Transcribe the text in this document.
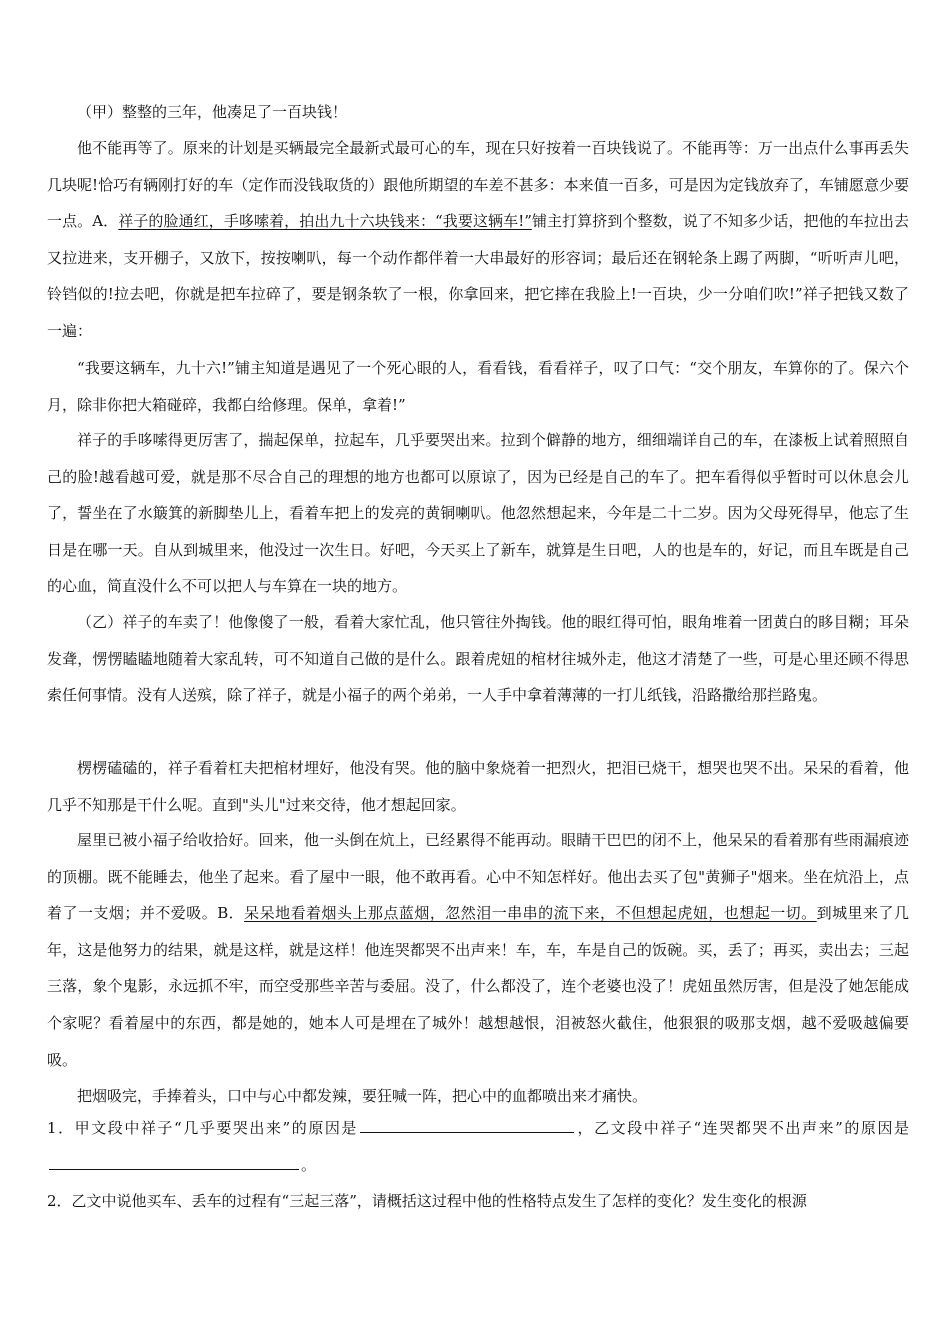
（甲）整整的三年，他凑足了一百块钱！

他不能再等了。原来的计划是买辆最完全最新式最可心的车，现在只好按着一百块钱说了。不能再等：万一出点什么事再丢失几块呢!恰巧有辆刚打好的车（定作而没钱取货的）跟他所期望的车差不甚多：本来值一百多，可是因为定钱放弃了，车铺愿意少要一点。A．祥子的脸通红，手哆嗦着，拍出九十六块钱来：“我要这辆车!”铺主打算挤到个整数，说了不知多少话，把他的车拉出去又拉进来，支开棚子，又放下，按按喇叭，每一个动作都伴着一大串最好的形容词；最后还在钢轮条上踢了两脚，“听听声儿吧，铃铛似的!拉去吧，你就是把车拉碎了，要是钢条软了一根，你拿回来，把它摔在我脸上!一百块，少一分咱们吹!”祥子把钱又数了一遍：

“我要这辆车，九十六!”铺主知道是遇见了一个死心眼的人，看看钱，看看祥子，叹了口气：“交个朋友，车算你的了。保六个月，除非你把大箱碰碎，我都白给修理。保单，拿着!”

祥子的手哆嗦得更厉害了，揣起保单，拉起车，几乎要哭出来。拉到个僻静的地方，细细端详自己的车，在漆板上试着照照自己的脸!越看越可爱，就是那不尽合自己的理想的地方也都可以原谅了，因为已经是自己的车了。把车看得似乎暂时可以休息会儿了，誓坐在了水簸箕的新脚垫儿上，看着车把上的发亮的黄铜喇叭。他忽然想起来，今年是二十二岁。因为父母死得早，他忘了生日是在哪一天。自从到城里来，他没过一次生日。好吧，今天买上了新车，就算是生日吧，人的也是车的，好记，而且车既是自己的心血，简直没什么不可以把人与车算在一块的地方。

（乙）祥子的车卖了！他像傻了一般，看着大家忙乱，他只管往外掏钱。他的眼红得可怕，眼角堆着一团黄白的眵目糊；耳朵发聋，愣愣瞌瞌地随着大家乱转，可不知道自己做的是什么。跟着虎妞的棺材往城外走，他这才清楚了一些，可是心里还顾不得思索任何事情。没有人送殡，除了祥子，就是小福子的两个弟弟，一人手中拿着薄薄的一打儿纸钱，沿路撒给那拦路鬼。

楞楞磕磕的，祥子看着杠夫把棺材埋好，他没有哭。他的脑中象烧着一把烈火，把泪已烧干，想哭也哭不出。呆呆的看着，他几乎不知那是干什么呢。直到"头儿"过来交待，他才想起回家。

屋里已被小福子给收拾好。回来，他一头倒在炕上，已经累得不能再动。眼睛干巴巴的闭不上，他呆呆的看着那有些雨漏痕迹的顶棚。既不能睡去，他坐了起来。看了屋中一眼，他不敢再看。心中不知怎样好。他出去买了包"黄狮子"烟来。坐在炕沿上，点着了一支烟；并不爱吸。B．呆呆地看着烟头上那点蓝烟，忽然泪一串串的流下来，不但想起虎妞，也想起一切。到城里来了几年，这是他努力的结果，就是这样，就是这样！他连哭都哭不出声来！车，车，车是自己的饭碗。买，丢了；再买，卖出去；三起三落，象个鬼影，永远抓不牢，而空受那些辛苦与委屈。没了，什么都没了，连个老婆也没了！虎妞虽然厉害，但是没了她怎能成个家呢？看着屋中的东西，都是她的，她本人可是埋在了城外！越想越恨，泪被怒火截住，他狠狠的吸那支烟，越不爱吸越偏要吸。

把烟吸完，手捧着头，口中与心中都发辣，要狂喊一阵，把心中的血都喷出来才痛快。

1．甲文段中祥子“几乎要哭出来”的原因是	，乙文段中祥子“连哭都哭不出声来”的原因是。

2．乙文中说他买车、丢车的过程有“三起三落”，请概括这过程中他的性格特点发生了怎样的变化？发生变化的根源
